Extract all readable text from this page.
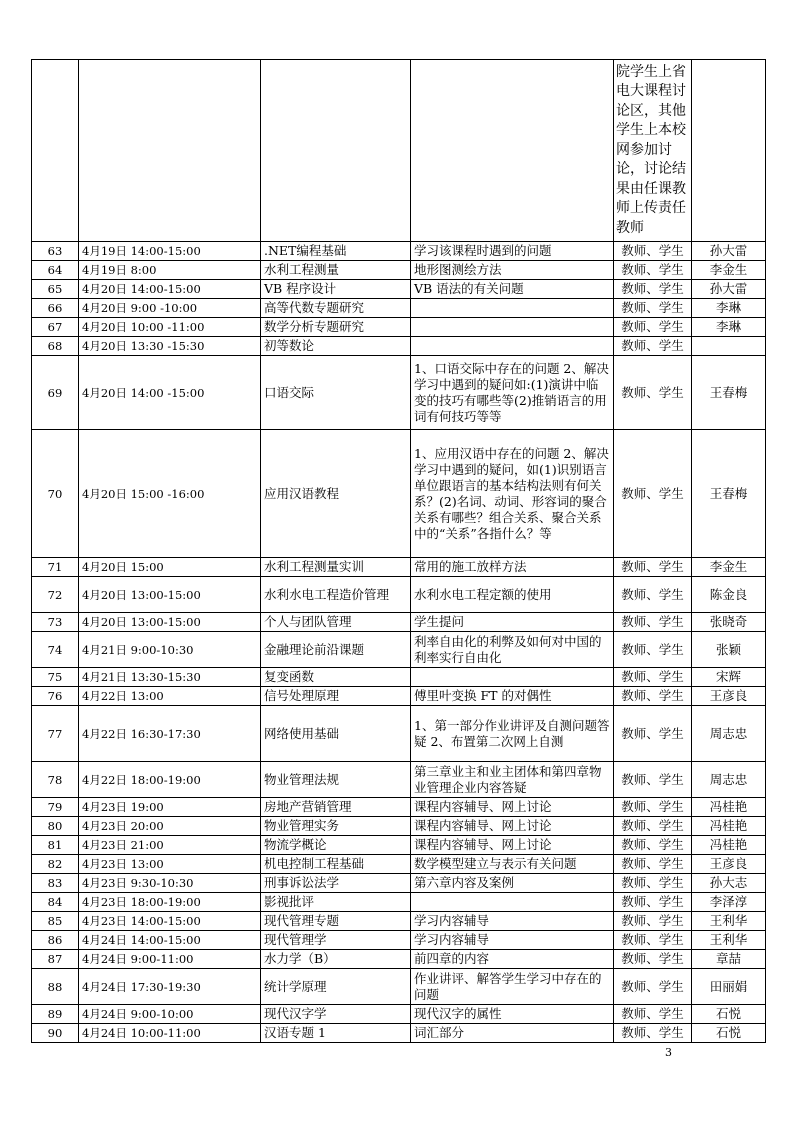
				院学生上省电大课程讨论区，其他学生上本校网参加讨论，讨论结果由任课教师上传责任教师	
63	4月19日 14:00-15:00	.NET编程基础	学习该课程时遇到的问题	教师、学生	孙大雷
64	4月19日 8:00	水利工程测量	地形图测绘方法	教师、学生	李金生
65	4月20日 14:00-15:00	VB 程序设计	VB 语法的有关问题	教师、学生	孙大雷
66	4月20日 9:00 -10:00	高等代数专题研究		教师、学生	李琳
67	4月20日 10:00 -11:00	数学分析专题研究		教师、学生	李琳
68	4月20日 13:30 -15:30	初等数论		教师、学生	
69	4月20日 14:00 -15:00	口语交际	1、口语交际中存在的问题 2、解决学习中遇到的疑问如:(1)演讲中临变的技巧有哪些等(2)推销语言的用词有何技巧等等	教师、学生	王春梅
70	4月20日 15:00 -16:00	应用汉语教程	1、应用汉语中存在的问题 2、解决学习中遇到的疑问，如(1)识别语言单位跟语言的基本结构法则有何关系？(2)名词、动词、形容词的聚合关系有哪些？组合关系、聚合关系中的“关系”各指什么？等	教师、学生	王春梅
71	4月20日 15:00	水利工程测量实训	常用的施工放样方法	教师、学生	李金生
72	4月20日 13:00-15:00	水利水电工程造价管理	水利水电工程定额的使用	教师、学生	陈金良
73	4月20日 13:00-15:00	个人与团队管理	学生提问	教师、学生	张晓奇
74	4月21日 9:00-10:30	金融理论前沿课题	利率自由化的利弊及如何对中国的利率实行自由化	教师、学生	张颖
75	4月21日 13:30-15:30	复变函数		教师、学生	宋辉
76	4月22日 13:00	信号处理原理	傅里叶变换 FT 的对偶性	教师、学生	王彦良
77	4月22日 16:30-17:30	网络使用基础	1、第一部分作业讲评及自测问题答疑 2、布置第二次网上自测	教师、学生	周志忠
78	4月22日 18:00-19:00	物业管理法规	第三章业主和业主团体和第四章物业管理企业内容答疑	教师、学生	周志忠
79	4月23日 19:00	房地产营销管理	课程内容辅导、网上讨论	教师、学生	冯桂艳
80	4月23日 20:00	物业管理实务	课程内容辅导、网上讨论	教师、学生	冯桂艳
81	4月23日 21:00	物流学概论	课程内容辅导、网上讨论	教师、学生	冯桂艳
82	4月23日 13:00	机电控制工程基础	数学模型建立与表示有关问题	教师、学生	王彦良
83	4月23日 9:30-10:30	刑事诉讼法学	第六章内容及案例	教师、学生	孙大志
84	4月23日 18:00-19:00	影视批评		教师、学生	李泽淳
85	4月23日 14:00-15:00	现代管理专题	学习内容辅导	教师、学生	王利华
86	4月24日 14:00-15:00	现代管理学	学习内容辅导	教师、学生	王利华
87	4月24日 9:00-11:00	水力学（B）	前四章的内容	教师、学生	章喆
88	4月24日 17:30-19:30	统计学原理	作业讲评、解答学生学习中存在的问题	教师、学生	田丽娟
89	4月24日 9:00-10:00	现代汉字学	现代汉字的属性	教师、学生	石悦
90	4月24日 10:00-11:00	汉语专题 1	词汇部分	教师、学生	石悦
3
